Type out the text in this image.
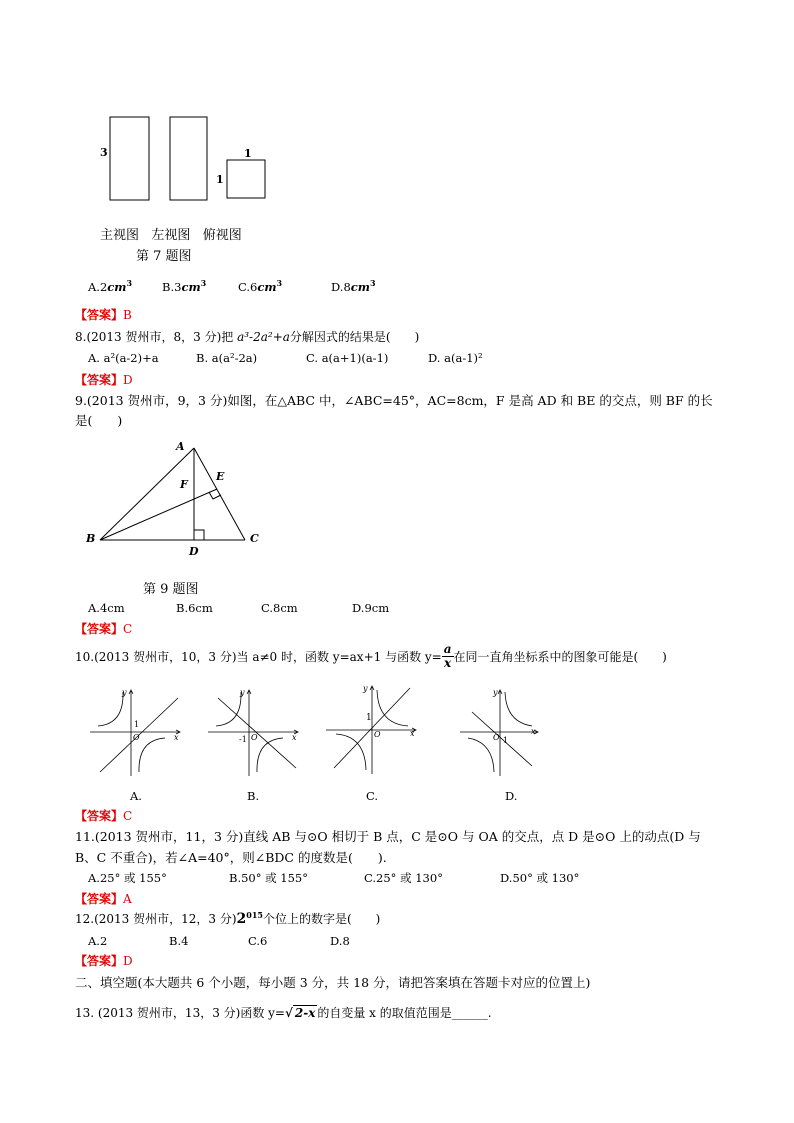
3
1
1
主视图   左视图   俯视图
第 7 题图
$A.2cm^3$	$B.3cm^3$	$C.6cm^3$	$D.8cm^3$
【答案】B
8.(2013 贺州市，8，3 分)把 a³-2a²+a分解因式的结果是(　　)
A. a²(a-2)+a	B. a(a²-2a)	C. a(a+1)(a-1)	D. a(a-1)²
【答案】D
9.(2013 贺州市，9，3 分)如图，在△ABC 中，∠ABC=45°，AC=8cm，F 是高 AD 和 BE 的交点，则 BF 的长
是(　　)
A
E
F
B	C
D
第 9 题图
A.4cm	B.6cm	C.8cm	D.9cm
【答案】C
10.(2013 贺州市，10，3 分)当 a≠0 时，函数 y=ax+1 与函数 $y= \frac{a}{x}$ 在同一直角坐标系中的图象可能是(　　)
y
x
1
O
y
x
-1 O
y
x
1
O
y
x
1
O
A.	B.	C.	D.
【答案】C
11.(2013 贺州市，11，3 分)直线 AB 与⊙O 相切于 B 点，C 是⊙O 与 OA 的交点，点 D 是⊙O 上的动点(D 与
B、C 不重合)，若∠A=40°，则∠BDC 的度数是(　　).
A.25° 或 155°	B.50° 或 155°	C.25° 或 130°	D.50° 或 130°
【答案】A
12.(2013 贺州市，12，3 分)$2^{015}$个位上的数字是(　　)
A.2	B.4	C.6	D.8
【答案】D
二、填空题(本大题共 6 个小题，每小题 3 分，共 18 分，请把答案填在答题卡对应的位置上)
13. (2013 贺州市，13，3 分)函数 y=√ 2-x 的自变量 x 的取值范围是______.
